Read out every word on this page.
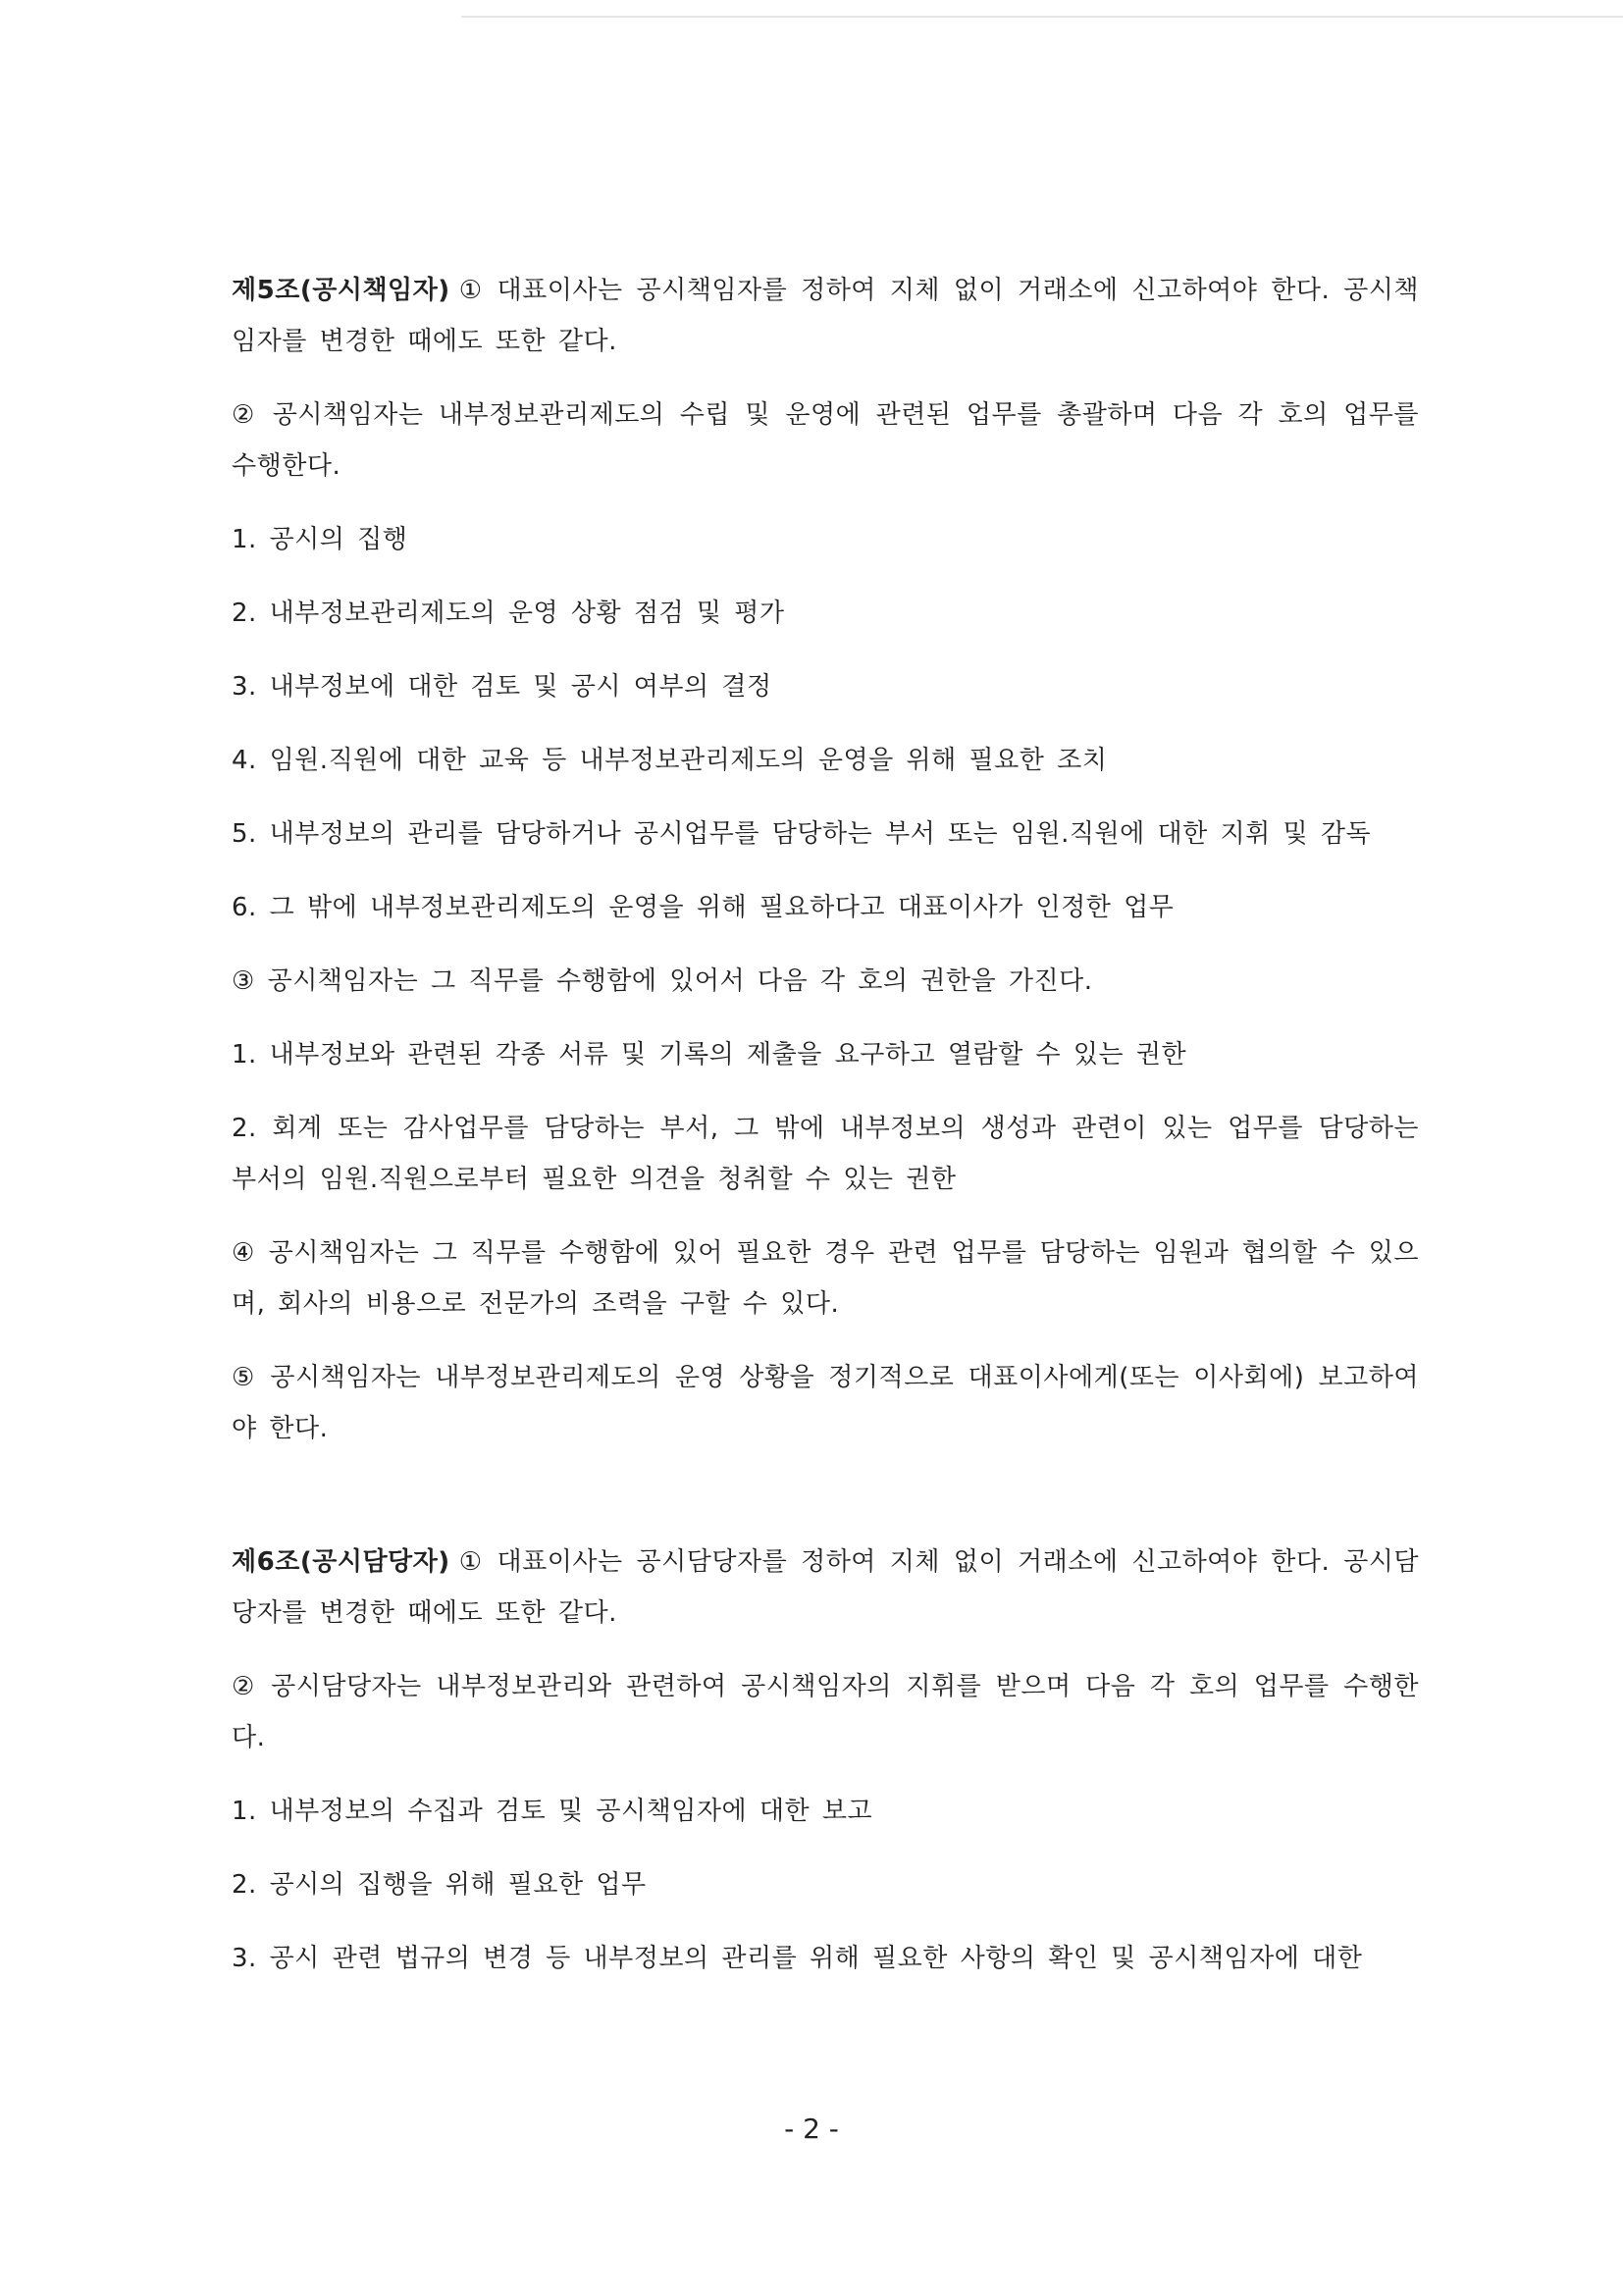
제5조(공시책임자) ① 대표이사는 공시책임자를 정하여 지체 없이 거래소에 신고하여야 한다. 공시책임자를 변경한 때에도 또한 같다.

② 공시책임자는 내부정보관리제도의 수립 및 운영에 관련된 업무를 총괄하며 다음 각 호의 업무를 수행한다.

1. 공시의 집행

2. 내부정보관리제도의 운영 상황 점검 및 평가

3. 내부정보에 대한 검토 및 공시 여부의 결정

4. 임원.직원에 대한 교육 등 내부정보관리제도의 운영을 위해 필요한 조치

5. 내부정보의 관리를 담당하거나 공시업무를 담당하는 부서 또는 임원.직원에 대한 지휘 및 감독

6. 그 밖에 내부정보관리제도의 운영을 위해 필요하다고 대표이사가 인정한 업무

③ 공시책임자는 그 직무를 수행함에 있어서 다음 각 호의 권한을 가진다.

1. 내부정보와 관련된 각종 서류 및 기록의 제출을 요구하고 열람할 수 있는 권한

2. 회계 또는 감사업무를 담당하는 부서, 그 밖에 내부정보의 생성과 관련이 있는 업무를 담당하는 부서의 임원.직원으로부터 필요한 의견을 청취할 수 있는 권한

④ 공시책임자는 그 직무를 수행함에 있어 필요한 경우 관련 업무를 담당하는 임원과 협의할 수 있으며, 회사의 비용으로 전문가의 조력을 구할 수 있다.

⑤ 공시책임자는 내부정보관리제도의 운영 상황을 정기적으로 대표이사에게(또는 이사회에) 보고하여야 한다.

제6조(공시담당자) ① 대표이사는 공시담당자를 정하여 지체 없이 거래소에 신고하여야 한다. 공시담당자를 변경한 때에도 또한 같다.

② 공시담당자는 내부정보관리와 관련하여 공시책임자의 지휘를 받으며 다음 각 호의 업무를 수행한다.

1. 내부정보의 수집과 검토 및 공시책임자에 대한 보고

2. 공시의 집행을 위해 필요한 업무

3. 공시 관련 법규의 변경 등 내부정보의 관리를 위해 필요한 사항의 확인 및 공시책임자에 대한

- 2 -
